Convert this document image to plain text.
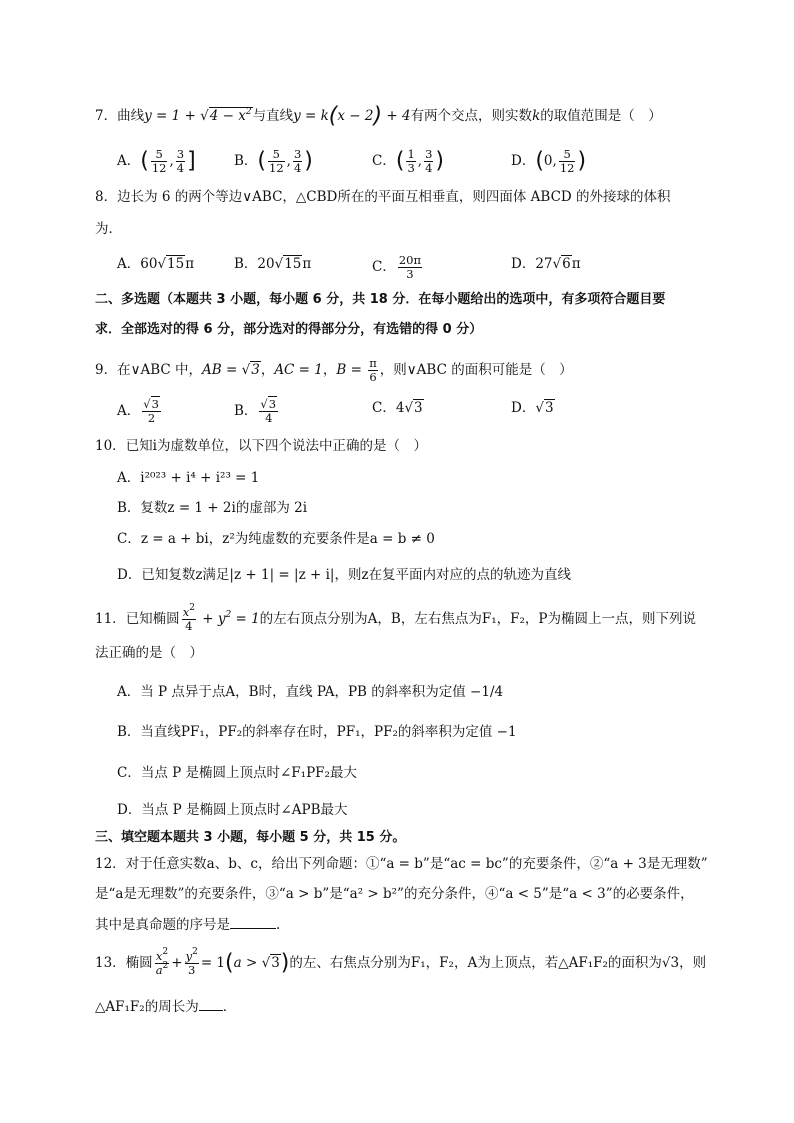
7．曲线$y = 1 + √4 - x^2$与直线y = k(x − 2) + 4有两个交点，则实数k的取值范围是（　）
A．( $\frac{5}{12}$ , $\frac{3}{4}$ ]	B．( $\frac{5}{12}$ , $\frac{3}{4}$ )	C．( $\frac{1}{3}$ , $\frac{3}{4}$ )	D．(0, $\frac{5}{12}$ )
8．边长为 6 的两个等边∨ABC，△CBD所在的平面互相垂直，则四面体 ABCD 的外接球的体积
为．
A．60√15π	B．20√15π	C． $\frac{20\pi}{3}$	D．27√6π
二、多选题（本题共 3 小题，每小题 6 分，共 18 分．在每小题给出的选项中，有多项符合题目要
求．全部选对的得 6 分，部分选对的得部分分，有选错的得 0 分）
9．在∨ABC 中，AB = √3，AC = 1，$B = \frac{\pi}{6}$ ，则∨ABC 的面积可能是（　）
A． $\frac{√3}{2}$	B． $\frac{√3}{4}$	C．4√3	D．√3
10．已知i为虚数单位，以下四个说法中正确的是（　）
A．i²⁰²³ + i⁴ + i²³ = 1
B．复数z = 1 + 2i的虚部为 2i
C．z = a + bi，z²为纯虚数的充要条件是a = b ≠ 0
D．已知复数z满足|z + 1| = |z + i|，则z在复平面内对应的点的轨迹为直线
11．已知椭圆 $\frac{x^2}{4} + y^2 = 1$的左右顶点分别为A，B，左右焦点为F₁，F₂，P为椭圆上一点，则下列说
法正确的是（　）
A．当 P 点异于点A，B时，直线 PA，PB 的斜率积为定值 −1/4
B．当直线PF₁，PF₂的斜率存在时，PF₁，PF₂的斜率积为定值 −1
C．当点 P 是椭圆上顶点时∠F₁PF₂最大
D．当点 P 是椭圆上顶点时∠APB最大
三、填空题本题共 3 小题，每小题 5 分，共 15 分。
12．对于任意实数a、b、c，给出下列命题：①“a = b”是“ac = bc”的充要条件，②“a + 3是无理数”
是“a是无理数”的充要条件，③“a > b”是“a² > b²”的充分条件，④“a < 5”是“a < 3”的必要条件，
其中是真命题的序号是	.
13．椭圆 $\frac{x^2}{a^2} + \frac{y^2}{3} = 1(a > √3)$的左、右焦点分别为F₁，F₂，A为上顶点，若△AF₁F₂的面积为√3，则
△AF₁F₂的周长为 ．
